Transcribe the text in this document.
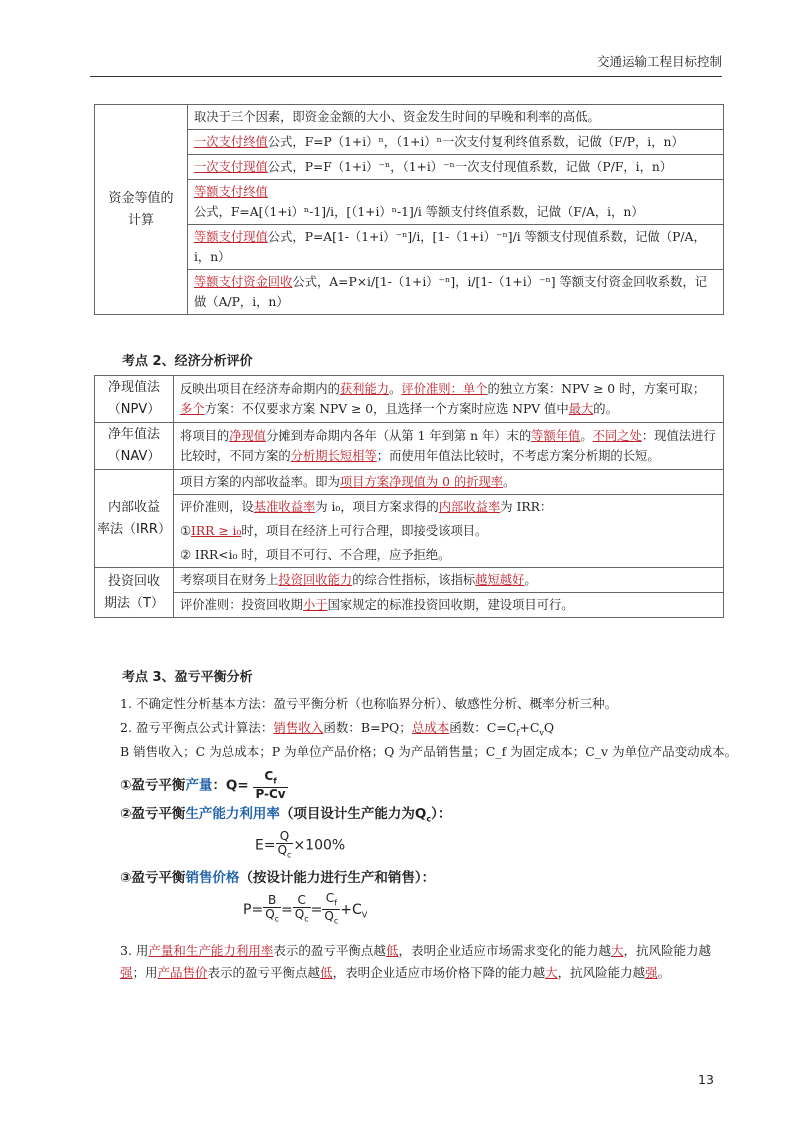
交通运输工程目标控制
资金等值的
计算	取决于三个因素，即资金金额的大小、资金发生时间的早晚和利率的高低。
一次支付终值公式，F=P（1+i）ⁿ，（1+i）ⁿ一次支付复利终值系数，记做（F/P，i，n）
一次支付现值公式，P=F（1+i）⁻ⁿ，（1+i）⁻ⁿ一次支付现值系数，记做（P/F，i，n）
等额支付终值公式，F=A[（1+i）ⁿ-1]/i，[（1+i）ⁿ-1]/i 等额支付终值系数，记做（F/A，i，n）
等额支付现值公式，P=A[1-（1+i）⁻ⁿ]/i，[1-（1+i）⁻ⁿ]/i 等额支付现值系数，记做（P/A，i，n）
等额支付资金回收公式，A=P×i/[1-（1+i）⁻ⁿ]，i/[1-（1+i）⁻ⁿ] 等额支付资金回收系数，记做（A/P，i，n）
考点 2、经济分析评价
净现值法
（NPV）	反映出项目在经济寿命期内的获利能力。评价准则：单个的独立方案：NPV ≥ 0 时，方案可取；多个方案：不仅要求方案 NPV ≥ 0，且选择一个方案时应选 NPV 值中最大的。
净年值法
（NAV）	将项目的净现值分摊到寿命期内各年（从第 1 年到第 n 年）末的等额年值。不同之处：现值法进行比较时，不同方案的分析期长短相等；而使用年值法比较时，不考虑方案分析期的长短。
内部收益
率法（IRR）	项目方案的内部收益率。即为项目方案净现值为 0 的折现率。
	评价准则，设基准收益率为 i₀，项目方案求得的内部收益率为 IRR：
	①IRR ≥ i₀时，项目在经济上可行合理，即接受该项目。
	② IRR<i₀ 时，项目不可行、不合理，应予拒绝。
投资回收
期法（T）	考察项目在财务上投资回收能力的综合性指标，该指标越短越好。
	评价准则：投资回收期小于国家规定的标准投资回收期，建设项目可行。
考点 3、盈亏平衡分析
1. 不确定性分析基本方法：盈亏平衡分析（也称临界分析）、敏感性分析、概率分析三种。
2. 盈亏平衡点公式计算法：销售收入函数：B=PQ；总成本函数：$C=C_f+C_vQ$
B 销售收入；C 为总成本；P 为单位产品价格；Q 为产品销售量；C_f 为固定成本；C_v 为单位产品变动成本。
①盈亏平衡产量：$Q= \frac{C_f}{P-Cv}$
②盈亏平衡生产能力利用率（项目设计生产能力为$Q_c$）：
$E= \frac{Q}{Q_c} \times 100\%$
③盈亏平衡销售价格（按设计能力进行生产和销售）：
$P= \frac{B}{Q_c} = \frac{C}{Q_c} = \frac{C_f}{Q_c} +C_V$
3. 用产量和生产能力利用率表示的盈亏平衡点越低，表明企业适应市场需求变化的能力越大，抗风险能力越强；用产品售价表示的盈亏平衡点越低，表明企业适应市场价格下降的能力越大，抗风险能力越强。
13
